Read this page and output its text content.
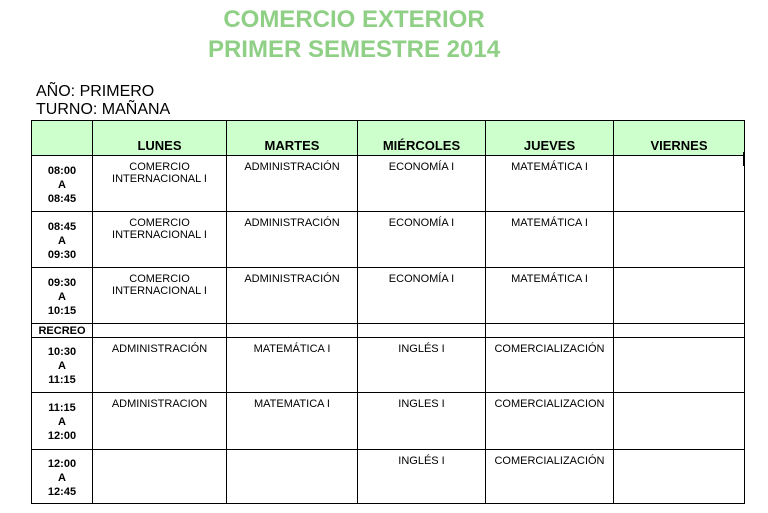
COMERCIO EXTERIOR
PRIMER SEMESTRE 2014
AÑO: PRIMERO
TURNO: MAÑANA
	LUNES	MARTES	MIÉRCOLES	JUEVES	VIERNES
08:00
A
08:45	COMERCIO INTERNACIONAL I	ADMINISTRACIÓN	ECONOMÍA I	MATEMÁTICA I	
08:45
A
09:30	COMERCIO INTERNACIONAL I	ADMINISTRACIÓN	ECONOMÍA I	MATEMÁTICA I	
09:30
A
10:15	COMERCIO INTERNACIONAL I	ADMINISTRACIÓN	ECONOMÍA I	MATEMÁTICA I	
RECREO					
10:30
A
11:15	ADMINISTRACIÓN	MATEMÁTICA I	INGLÉS I	COMERCIALIZACIÓN	
11:15
A
12:00	ADMINISTRACION	MATEMATICA I	INGLES I	COMERCIALIZACION	
12:00
A
12:45			INGLÉS I	COMERCIALIZACIÓN	
